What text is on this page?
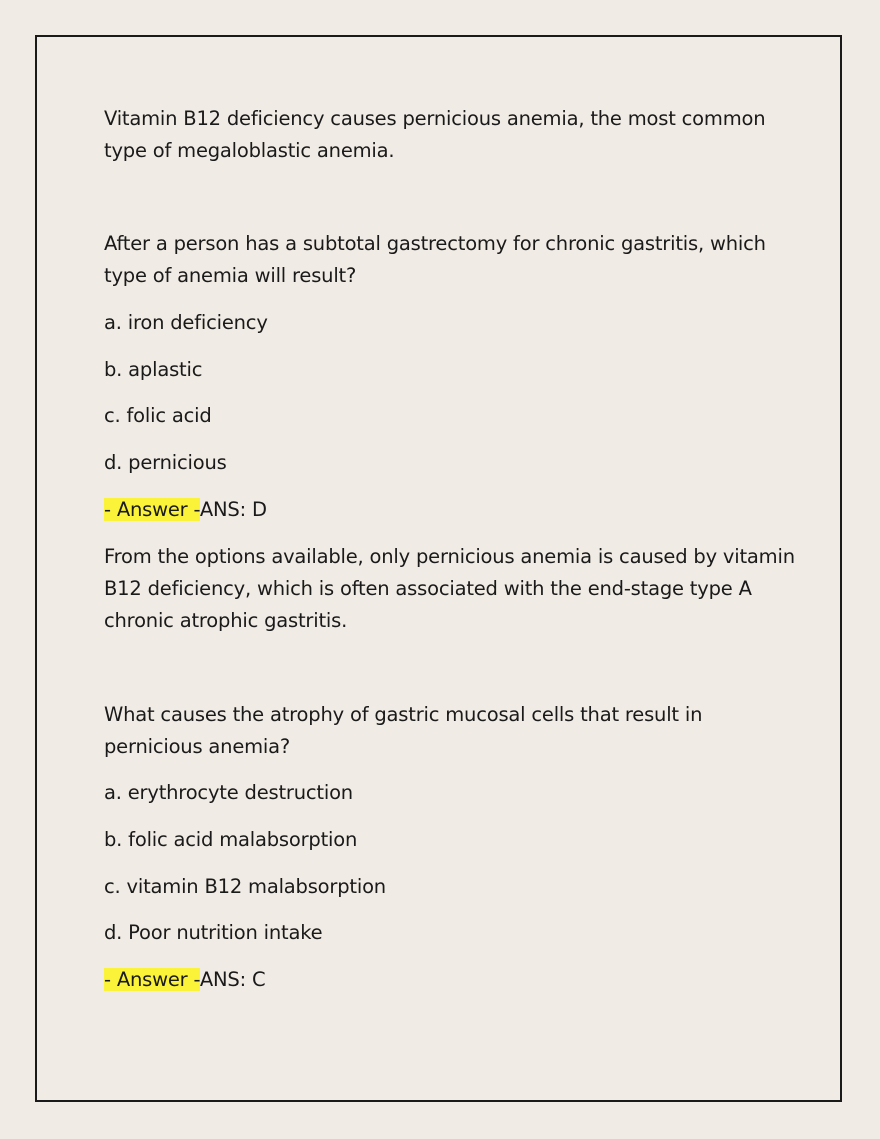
Vitamin B12 deficiency causes pernicious anemia, the most common
type of megaloblastic anemia.
After a person has a subtotal gastrectomy for chronic gastritis, which
type of anemia will result?
a. iron deficiency
b. aplastic
c. folic acid
d. pernicious
- Answer -ANS: D
From the options available, only pernicious anemia is caused by vitamin
B12 deficiency, which is often associated with the end-stage type A
chronic atrophic gastritis.
What causes the atrophy of gastric mucosal cells that result in
pernicious anemia?
a. erythrocyte destruction
b. folic acid malabsorption
c. vitamin B12 malabsorption
d. Poor nutrition intake
- Answer -ANS: C
